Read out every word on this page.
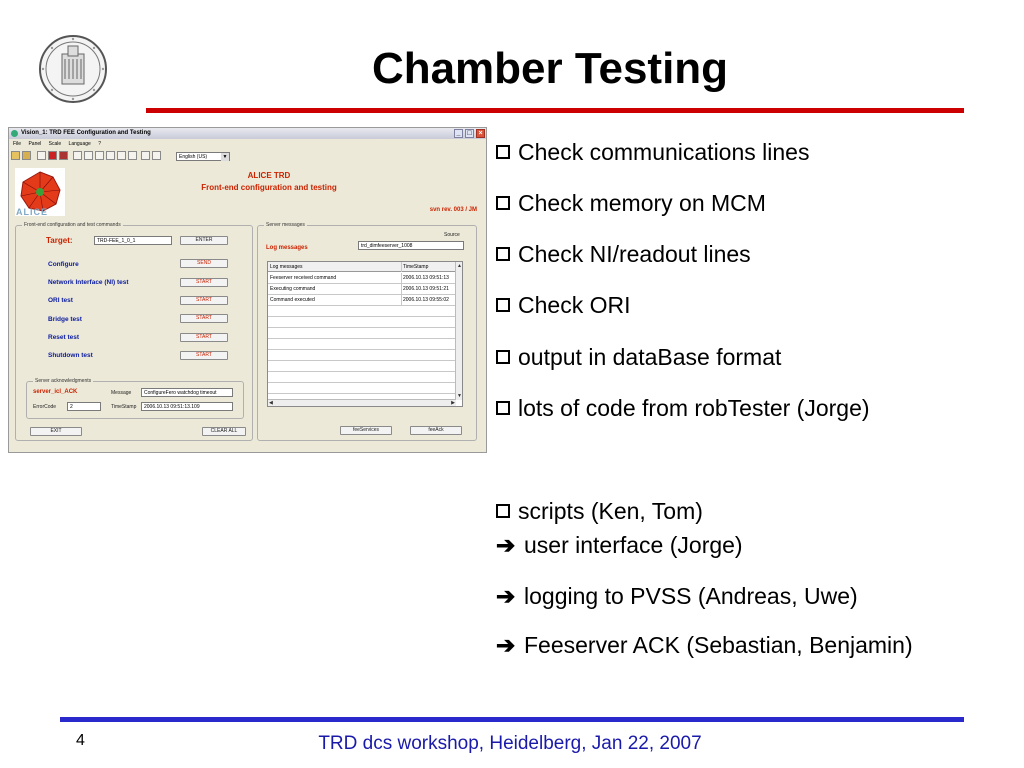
Chamber Testing
Check communications lines
Check memory on MCM
Check NI/readout lines
Check ORI
output in dataBase format
lots of code from robTester (Jorge)
scripts (Ken, Tom)
➔ user interface (Jorge)
➔ logging to PVSS (Andreas, Uwe)
➔ Feeserver ACK (Sebastian, Benjamin)
Vision_1: TRD FEE Configuration and Testing	_ □ ×
File Panel Scale Language ?
English (US)	▼
ALICE
ALICE TRD
Front-end configuration and testing
svn rev. 003 / JM
Front-end configuration and test commands
Target:	TRD-FEE_1_0_1	ENTER
Configure	SEND
Network Interface (NI) test	START
ORI test	START
Bridge test	START
Reset test	START
Shutdown test	START
Server acknowledgments
server_icl_ACK	Message	ConfigureFero watchdog timeout
ErrorCode	2	TimeStamp	2006.10.13 09:51:13.109
EXIT	CLEAR ALL
Server messages
Source
Log messages	trd_dimfeeserver_1008
feeServices	feeAck
Log messages	TimeStamp
Feeserver received command	2006.10.13 09:51:13
Executing command	2006.10.13 09:51:21
Command executed	2006.10.13 09:55:02
▲
▼
◀	▶
4	TRD dcs workshop, Heidelberg, Jan 22, 2007
